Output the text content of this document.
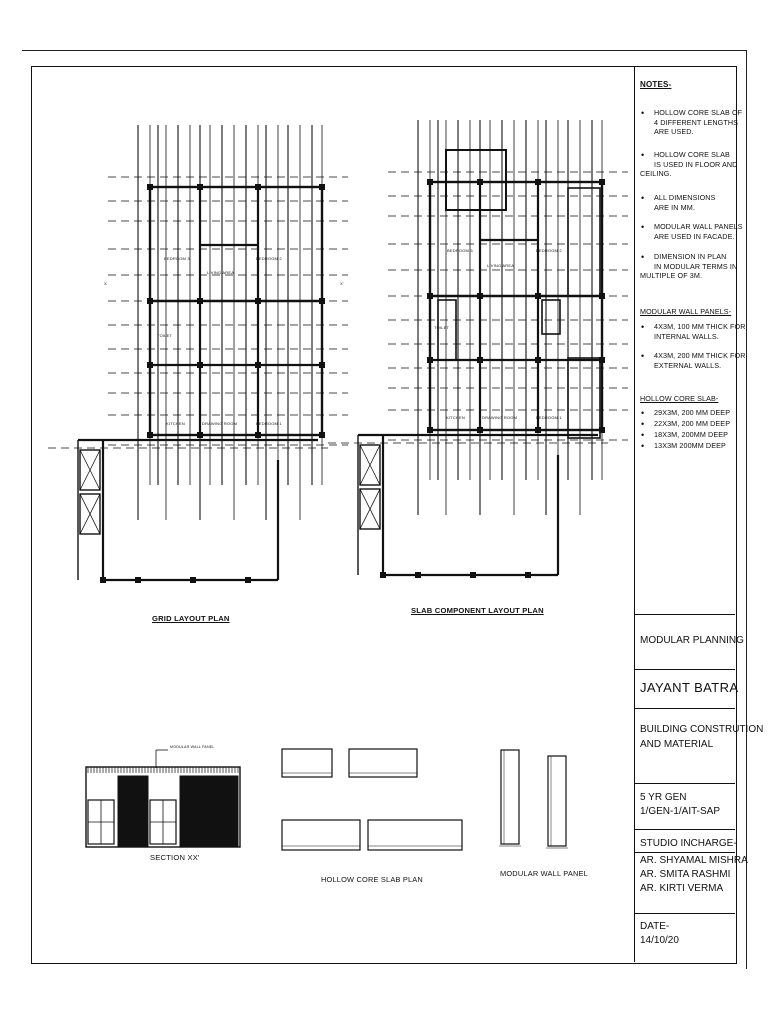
BEDROOM 3	BEDROOM 2
LIVING AREA
TOILET
KITCHEN	DRAWING ROOM	BEDROOM 1
X	X'
BEDROOM 3	BEDROOM 2
LIVING AREA
TOILET
KITCHEN	DRAWING ROOM	BEDROOM 1
GRID LAYOUT PLAN
SLAB COMPONENT LAYOUT PLAN
SECTION XX'
HOLLOW CORE SLAB PLAN
MODULAR WALL PANEL
MODULAR WALL PANEL
NOTES-
MODULAR WALL PANELS-
HOLLOW CORE SLAB-
MODULAR PLANNING
JAYANT BATRA
BUILDING CONSTRUTION
AND MATERIAL
5 YR GEN
1/GEN-1/AIT-SAP
STUDIO INCHARGE-
AR. SHYAMAL MISHRA
AR. SMITA RASHMI
AR. KIRTI VERMA
DATE-
14/10/20
HOLLOW CORE SLAB OF
•
4 DIFFERENT LENGTHS
ARE USED.
HOLLOW CORE SLAB
•
IS USED IN FLOOR AND
CEILING.
ALL DIMENSIONS
•
ARE IN MM.
MODULAR WALL PANELS
•
ARE USED IN FACADE.
DIMENSION IN PLAN
•
IN MODULAR TERMS IN
MULTIPLE OF 3M.
4X3M, 100 MM THICK FOR
•
INTERNAL WALLS.
4X3M, 200 MM THICK FOR
•
EXTERNAL WALLS.
29X3M, 200 MM DEEP
•
22X3M, 200 MM DEEP
•
18X3M, 200MM DEEP
•
13X3M 200MM DEEP
•
